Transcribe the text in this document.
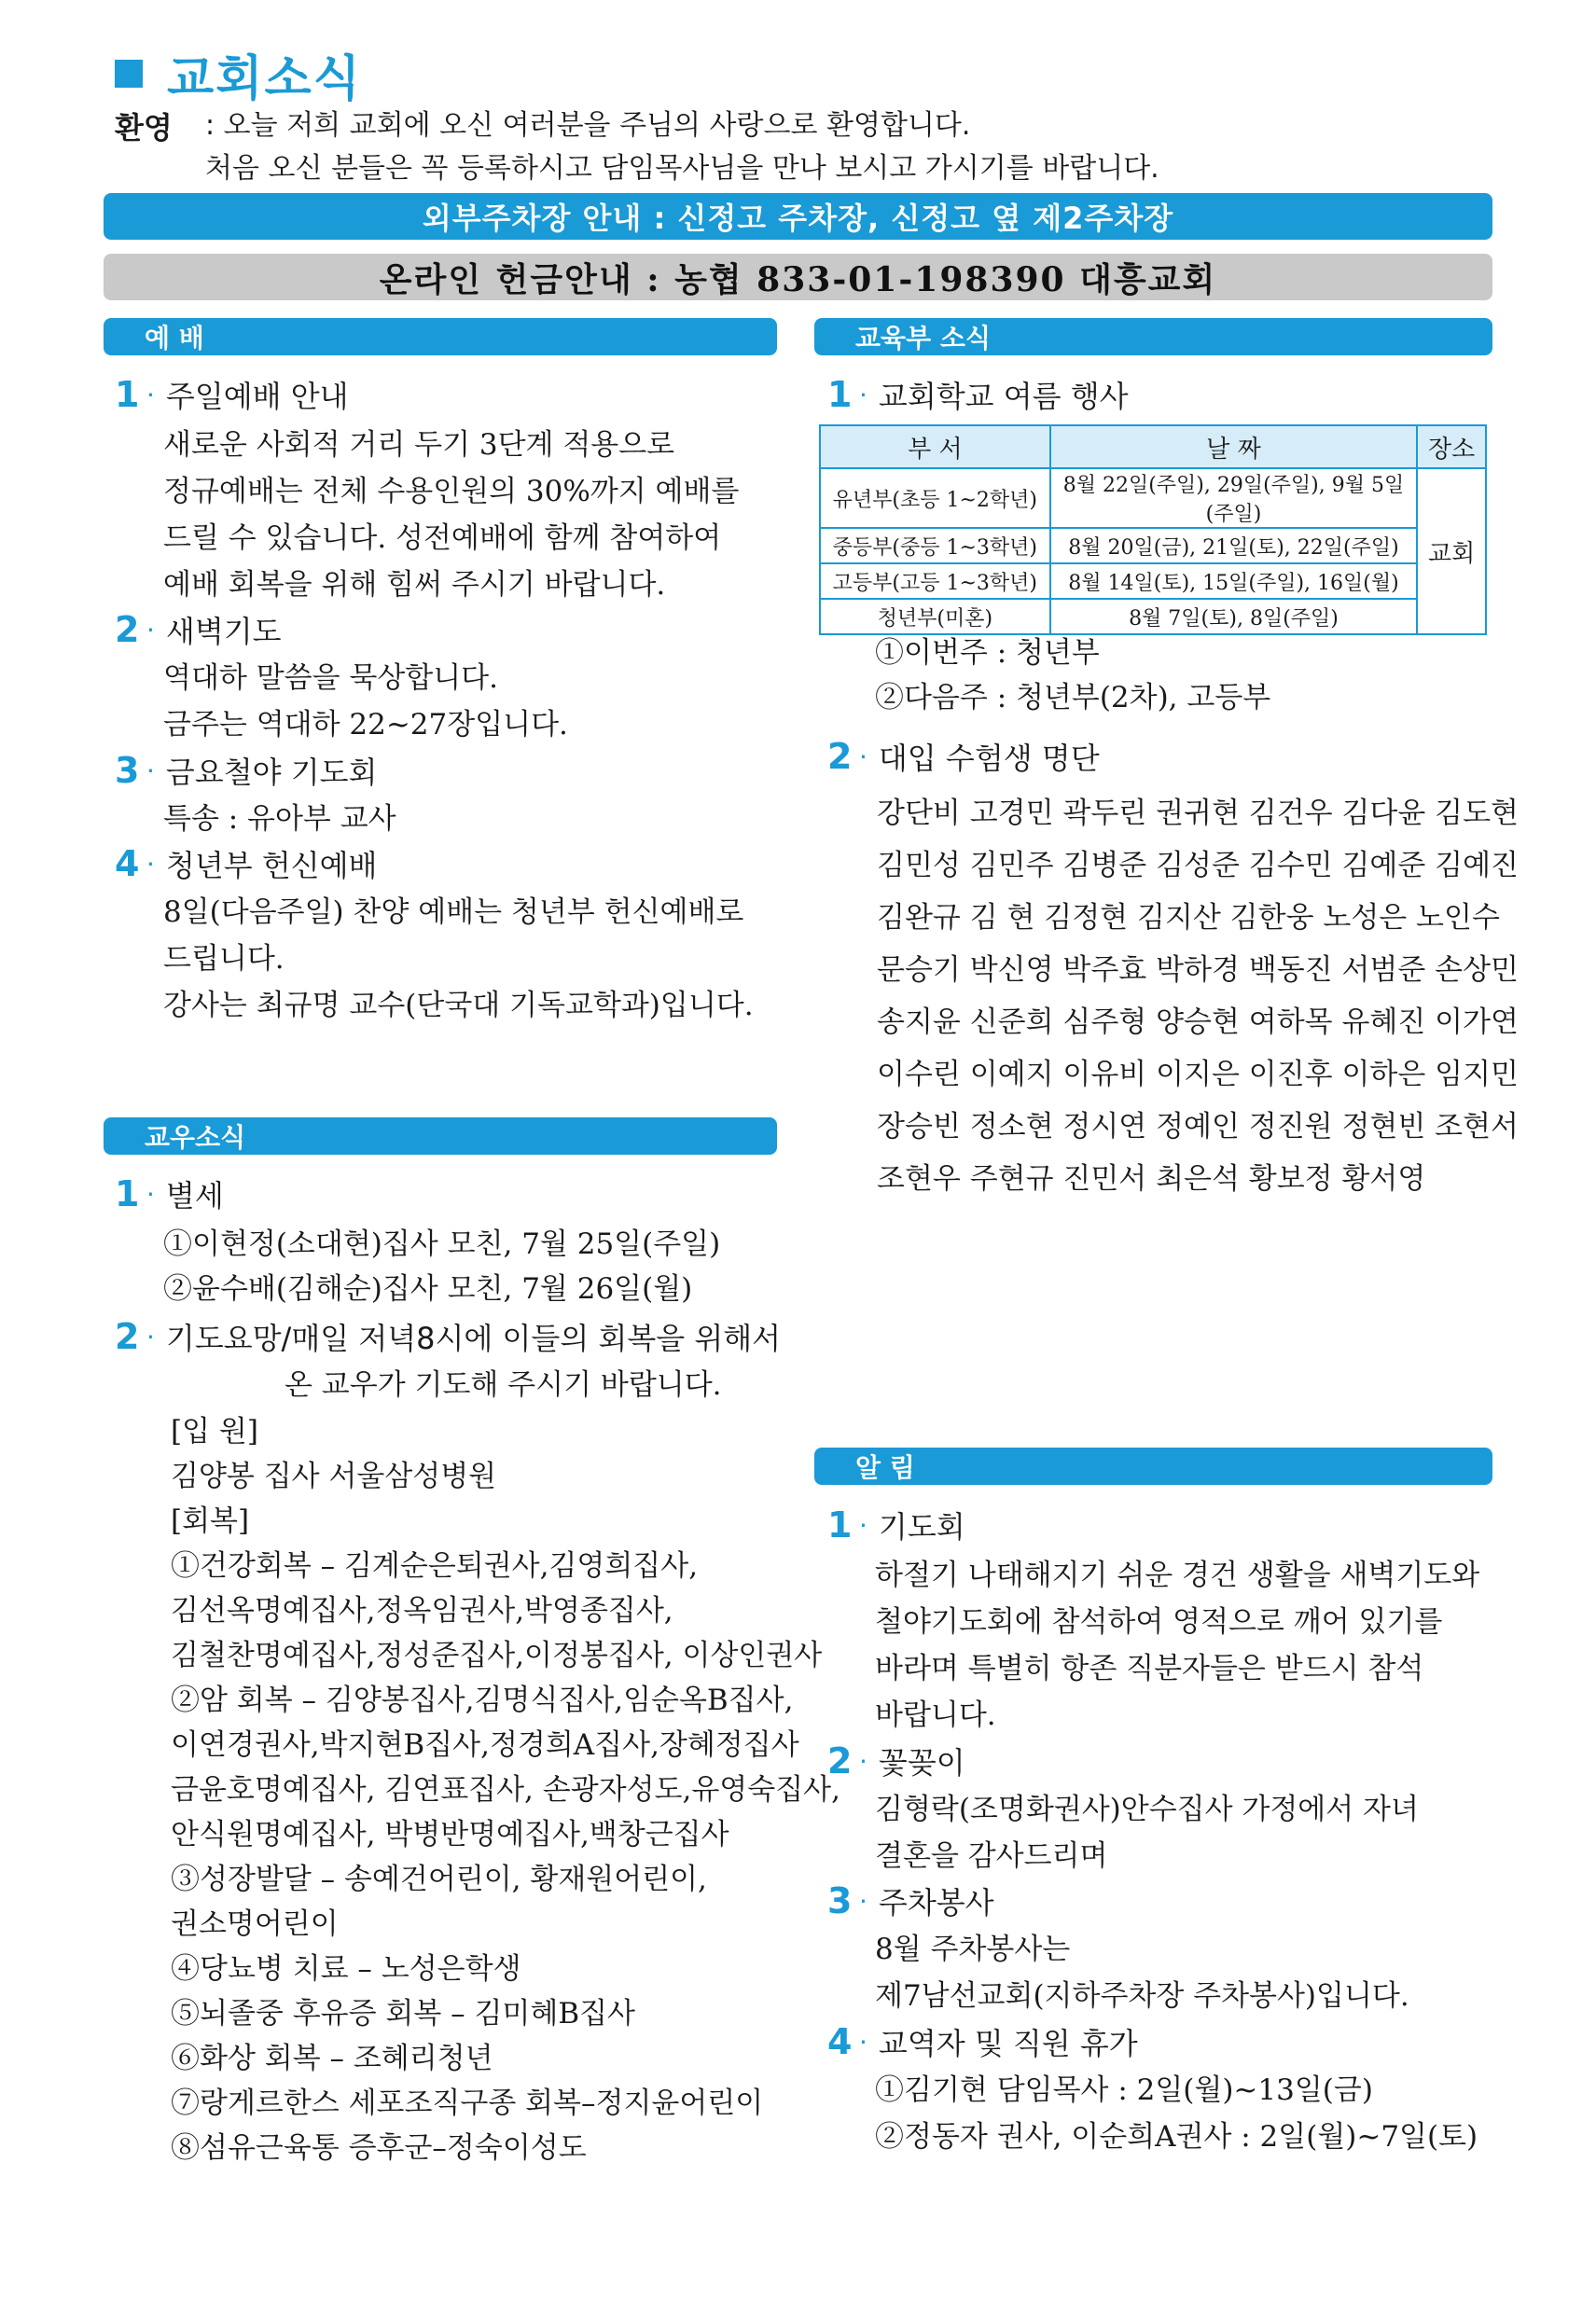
교회소식
환영 : 오늘 저희 교회에 오신 여러분을 주님의 사랑으로 환영합니다.
처음 오신 분들은 꼭 등록하시고 담임목사님을 만나 보시고 가시기를 바랍니다.
외부주차장 안내 : 신정고 주차장, 신정고 옆 제2주차장
온라인 헌금안내 : 농협 833-01-198390 대흥교회
예 배
1 · 주일예배 안내
새로운 사회적 거리 두기 3단계 적용으로
정규예배는 전체 수용인원의 30%까지 예배를
드릴 수 있습니다. 성전예배에 함께 참여하여
예배 회복을 위해 힘써 주시기 바랍니다.
2 · 새벽기도
역대하 말씀을 묵상합니다.
금주는 역대하 22~27장입니다.
3 · 금요철야 기도회
특송 : 유아부 교사
4 · 청년부 헌신예배
8일(다음주일) 찬양 예배는 청년부 헌신예배로
드립니다.
강사는 최규명 교수(단국대 기독교학과)입니다.
교우소식
1 · 별세
①이현정(소대현)집사 모친, 7월 25일(주일)
②윤수배(김해순)집사 모친, 7월 26일(월)
2 · 기도요망/매일 저녁8시에 이들의 회복을 위해서
온 교우가 기도해 주시기 바랍니다.
[입 원]
김양봉 집사 서울삼성병원
[회복]
①건강회복 – 김계순은퇴권사,김영희집사,
김선옥명예집사,정옥임권사,박영종집사,
김철찬명예집사,정성준집사,이정봉집사, 이상인권사
②암 회복 – 김양봉집사,김명식집사,임순옥B집사,
이연경권사,박지현B집사,정경희A집사,장혜정집사
금윤호명예집사, 김연표집사, 손광자성도,유영숙집사,
안식원명예집사, 박병반명예집사,백창근집사
③성장발달 – 송예건어린이, 황재원어린이,
권소명어린이
④당뇨병 치료 – 노성은학생
⑤뇌졸중 후유증 회복 – 김미혜B집사
⑥화상 회복 – 조혜리청년
⑦랑게르한스 세포조직구종 회복–정지윤어린이
⑧섬유근육통 증후군–정숙이성도
교육부 소식
1 · 교회학교 여름 행사
부 서	날 짜	장소
유년부(초등 1~2학년)	8월 22일(주일), 29일(주일), 9월 5일(주일)	교회
중등부(중등 1~3학년)	8월 20일(금), 21일(토), 22일(주일)	
고등부(고등 1~3학년)	8월 14일(토), 15일(주일), 16일(월)	
청년부(미혼)	8월 7일(토), 8일(주일)	
①이번주 : 청년부
②다음주 : 청년부(2차), 고등부
2 · 대입 수험생 명단
강단비 고경민 곽두린 권귀현 김건우 김다윤 김도현
김민성 김민주 김병준 김성준 김수민 김예준 김예진
김완규 김 현 김정현 김지산 김한웅 노성은 노인수
문승기 박신영 박주효 박하경 백동진 서범준 손상민
송지윤 신준희 심주형 양승현 여하목 유혜진 이가연
이수린 이예지 이유비 이지은 이진후 이하은 임지민
장승빈 정소현 정시연 정예인 정진원 정현빈 조현서
조현우 주현규 진민서 최은석 황보정 황서영
알 림
1 · 기도회
하절기 나태해지기 쉬운 경건 생활을 새벽기도와
철야기도회에 참석하여 영적으로 깨어 있기를
바라며 특별히 항존 직분자들은 받드시 참석
바랍니다.
2 · 꽃꽂이
김형락(조명화권사)안수집사 가정에서 자녀
결혼을 감사드리며
3 · 주차봉사
8월 주차봉사는
제7남선교회(지하주차장 주차봉사)입니다.
4 · 교역자 및 직원 휴가
①김기현 담임목사 : 2일(월)~13일(금)
②정동자 권사, 이순희A권사 : 2일(월)~7일(토)
